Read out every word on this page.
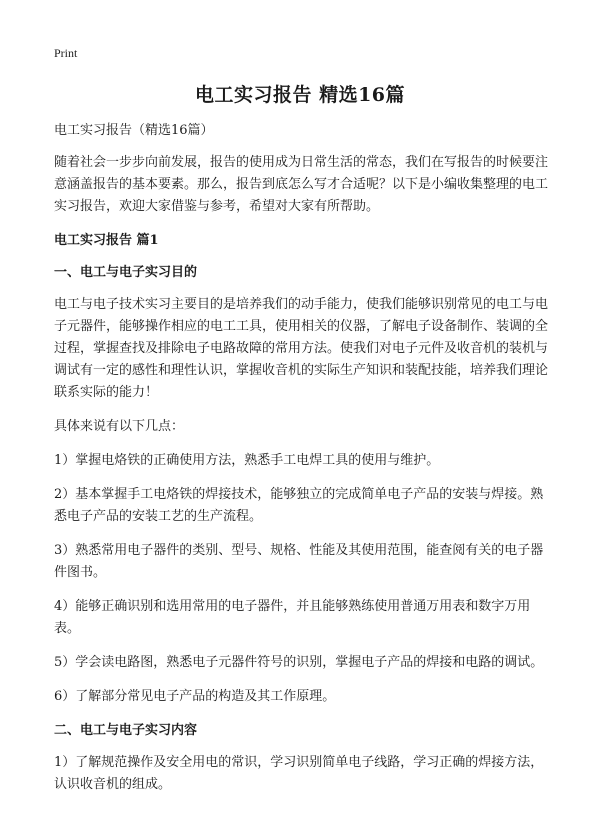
Print
电工实习报告 精选16篇

电工实习报告（精选16篇）

随着社会一步步向前发展，报告的使用成为日常生活的常态，我们在写报告的时候要注意涵盖报告的基本要素。那么，报告到底怎么写才合适呢？以下是小编收集整理的电工实习报告，欢迎大家借鉴与参考，希望对大家有所帮助。

电工实习报告 篇1

一、电工与电子实习目的

电工与电子技术实习主要目的是培养我们的动手能力，使我们能够识别常见的电工与电子元器件，能够操作相应的电工工具，使用相关的仪器，了解电子设备制作、装调的全过程，掌握查找及排除电子电路故障的常用方法。使我们对电子元件及收音机的装机与调试有一定的感性和理性认识，掌握收音机的实际生产知识和装配技能，培养我们理论联系实际的能力！

具体来说有以下几点：

1）掌握电烙铁的正确使用方法，熟悉手工电焊工具的使用与维护。

2）基本掌握手工电烙铁的焊接技术，能够独立的完成简单电子产品的安装与焊接。熟悉电子产品的安装工艺的生产流程。

3）熟悉常用电子器件的类别、型号、规格、性能及其使用范围，能查阅有关的电子器件图书。

4）能够正确识别和选用常用的电子器件，并且能够熟练使用普通万用表和数字万用表。

5）学会读电路图，熟悉电子元器件符号的识别，掌握电子产品的焊接和电路的调试。

6）了解部分常见电子产品的构造及其工作原理。

二、电工与电子实习内容

1）了解规范操作及安全用电的常识，学习识别简单电子线路，学习正确的焊接方法，认识收音机的组成。
